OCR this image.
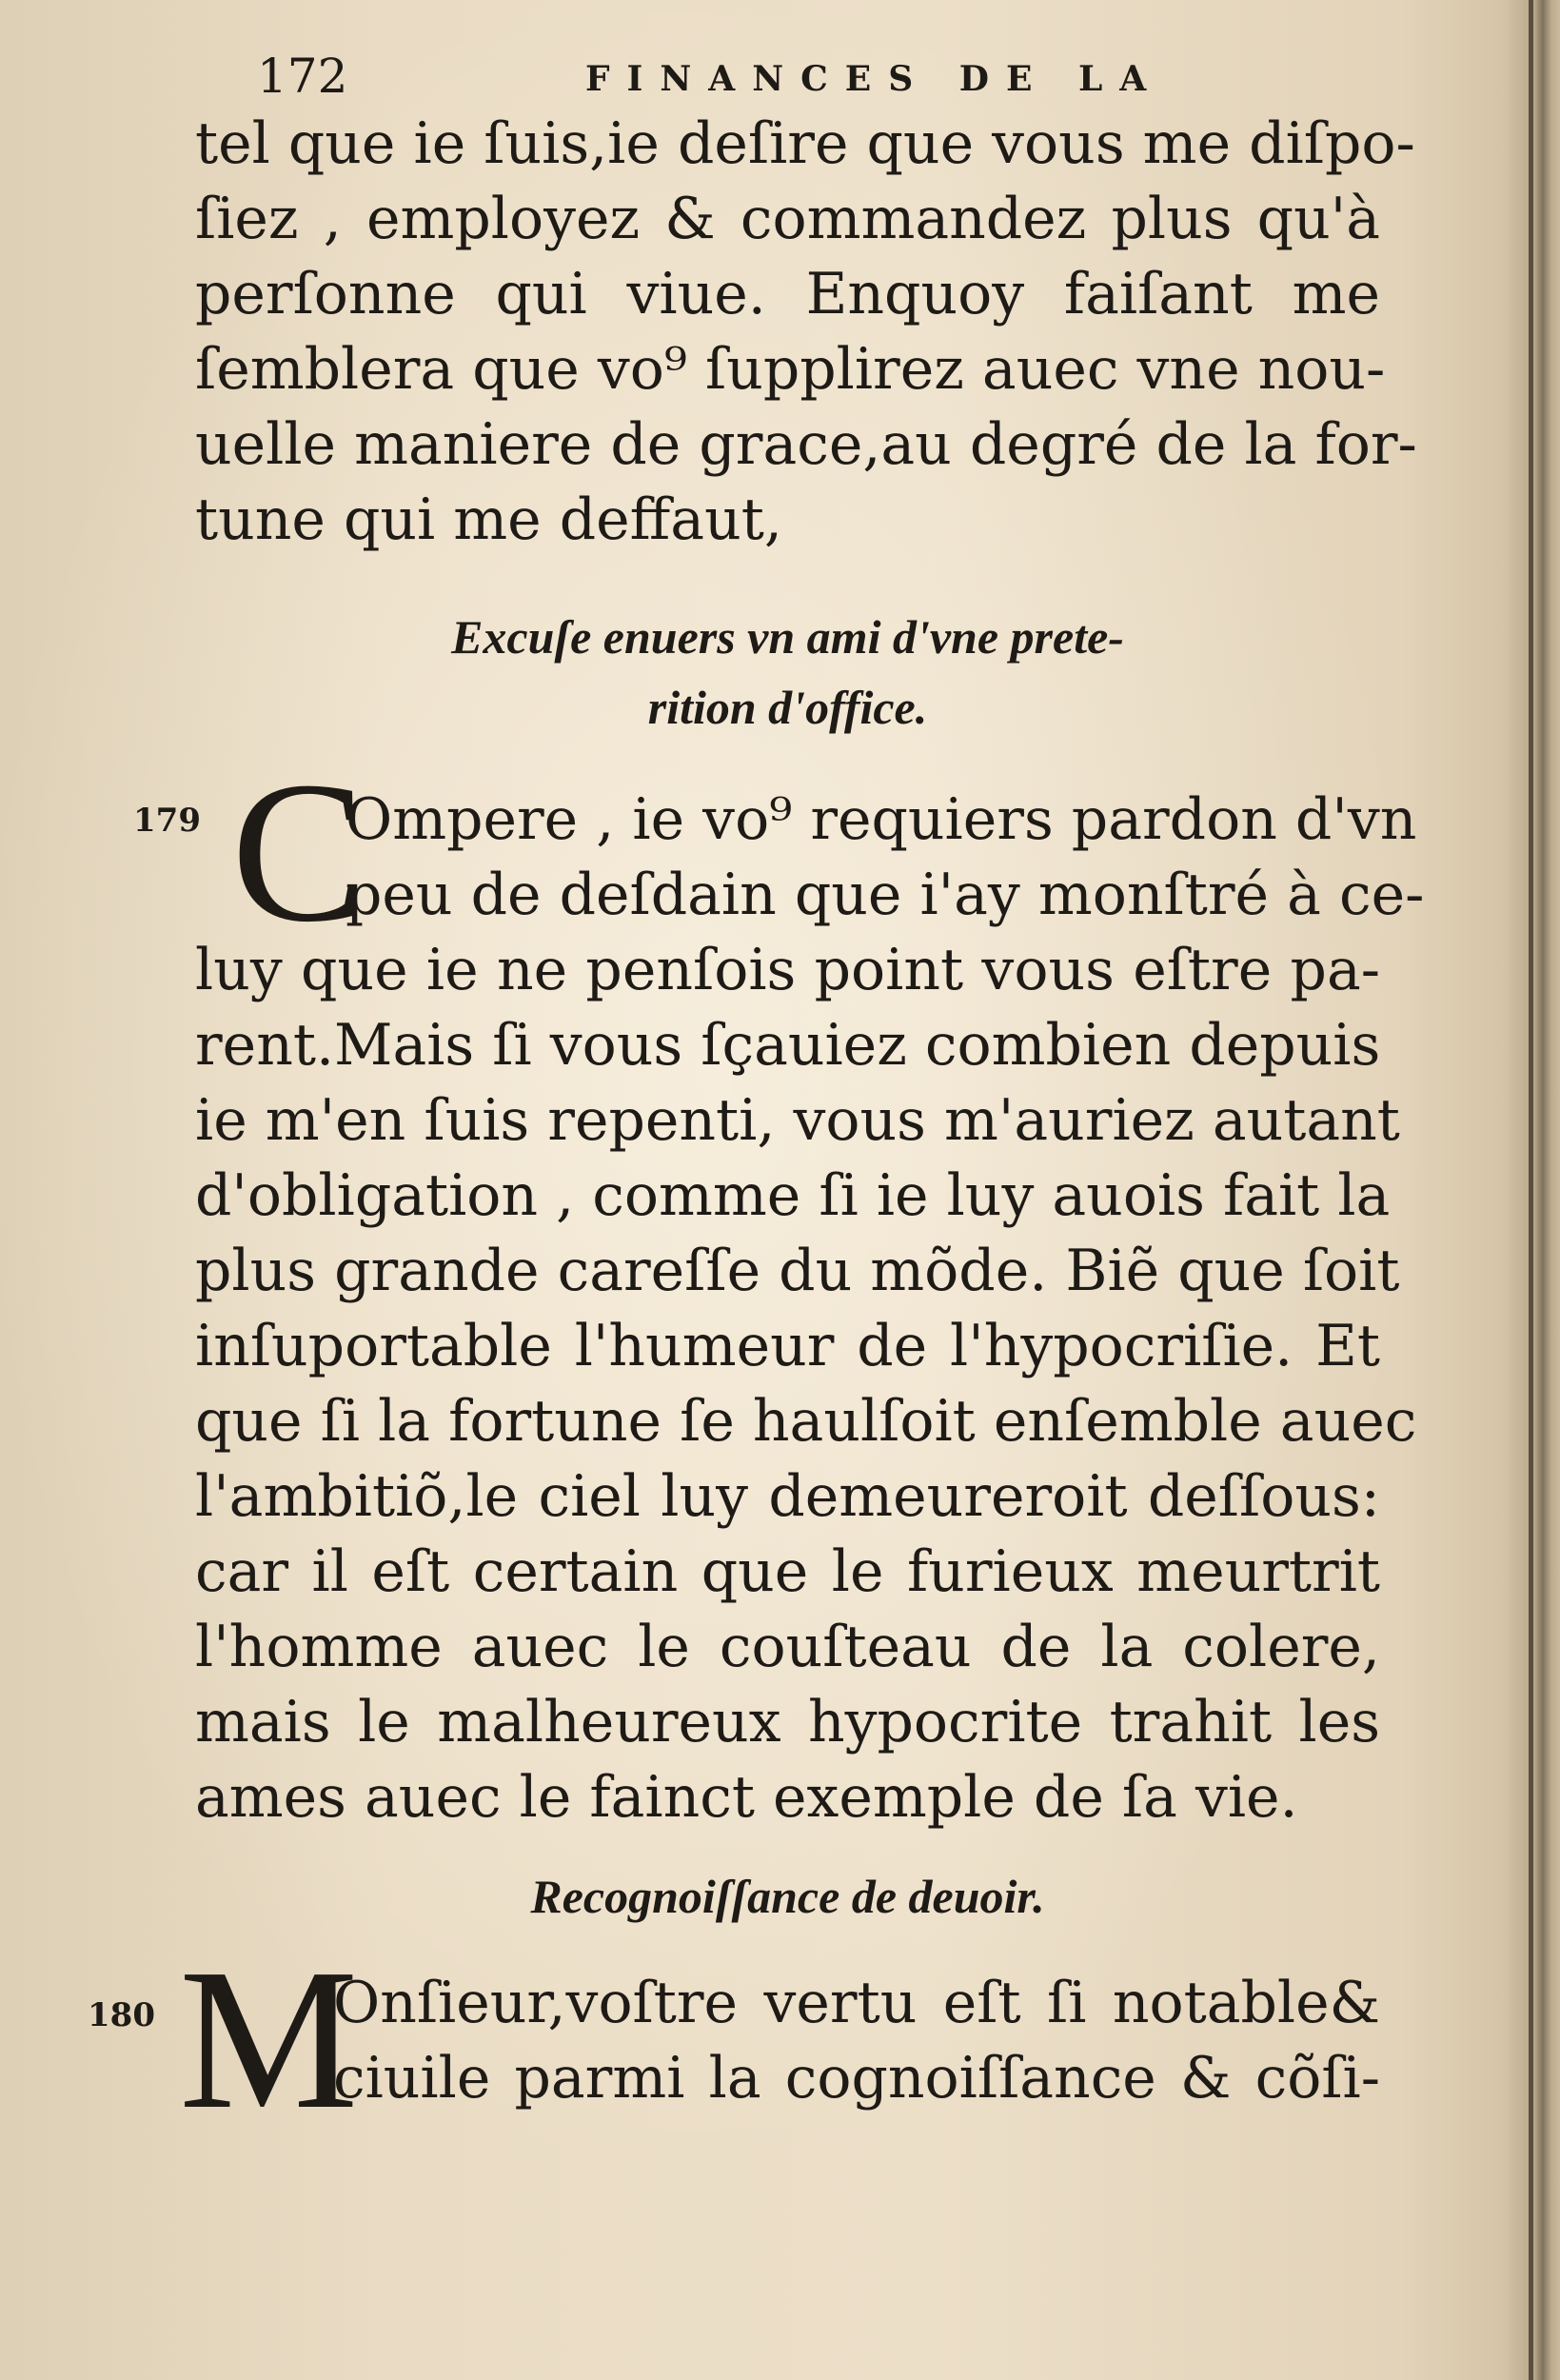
172	FINANCES DE LA
tel que ie ſuis,ie deſire que vous me diſpo-
ſiez , employez & commandez plus qu'à
perſonne qui viue. Enquoy faiſant me
ſemblera que vo⁹ ſupplirez auec vne nou-
uelle maniere de grace,au degré de la for-
tune qui me deffaut,
Excuſe enuers vn ami d'vne prete-
rition d'office.
179 C
Ompere , ie vo⁹ requiers pardon d'vn
peu de deſdain que i'ay monſtré à ce-
luy que ie ne penſois point vous eſtre pa-
rent.Mais ſi vous ſçauiez combien depuis
ie m'en ſuis repenti, vous m'auriez autant
d'obligation , comme ſi ie luy auois fait la
plus grande careſſe du mõde. Biẽ que ſoit
inſuportable l'humeur de l'hypocriſie. Et
que ſi la fortune ſe haulſoit enſemble auec
l'ambitiõ,le ciel luy demeureroit deſſous:
car il eſt certain que le furieux meurtrit
l'homme auec le couſteau de la colere,
mais le malheureux hypocrite trahit les
ames auec le fainct exemple de ſa vie.
Recognoiſſance de deuoir.
180 M
Onſieur,voſtre vertu eſt ſi notable&
ciuile parmi la cognoiſſance & cõſi-
